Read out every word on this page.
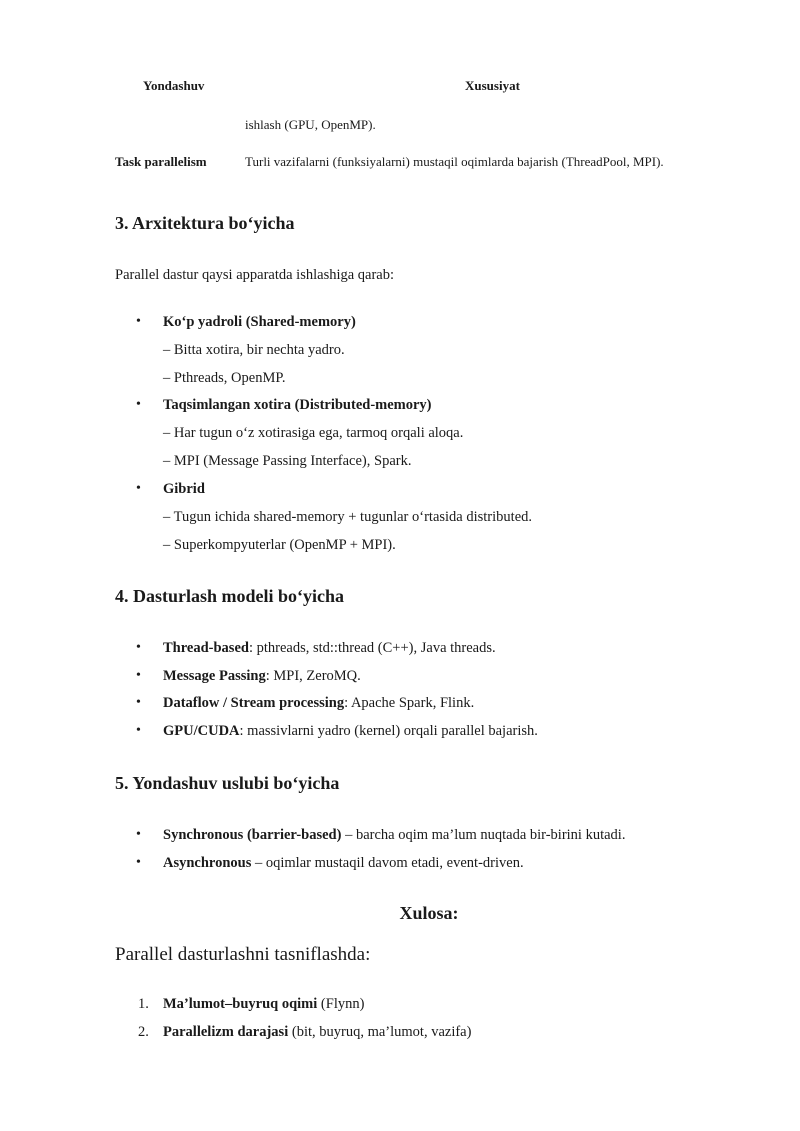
Yondashuv	Xususiyat
ishlash (GPU, OpenMP).
Task parallelism	Turli vazifalarni (funksiyalarni) mustaqil oqimlarda bajarish (ThreadPool, MPI).
3. Arxitektura bo‘yicha

Parallel dastur qaysi apparatda ishlashiga qarab:

• Ko‘p yadroli (Shared-memory)
– Bitta xotira, bir nechta yadro.
– Pthreads, OpenMP.
• Taqsimlangan xotira (Distributed-memory)
– Har tugun o‘z xotirasiga ega, tarmoq orqali aloqa.
– MPI (Message Passing Interface), Spark.
• Gibrid
– Tugun ichida shared-memory + tugunlar o‘rtasida distributed.
– Superkompyuterlar (OpenMP + MPI).
4. Dasturlash modeli bo‘yicha
• Thread-based: pthreads, std::thread (C++), Java threads.
• Message Passing: MPI, ZeroMQ.
• Dataflow / Stream processing: Apache Spark, Flink.
• GPU/CUDA: massivlarni yadro (kernel) orqali parallel bajarish.
5. Yondashuv uslubi bo‘yicha
• Synchronous (barrier-based) – barcha oqim ma’lum nuqtada bir-birini kutadi.
• Asynchronous – oqimlar mustaqil davom etadi, event-driven.
Xulosa:

Parallel dasturlashni tasniflashda:

1. Ma’lumot–buyruq oqimi (Flynn)
2. Parallelizm darajasi (bit, buyruq, ma’lumot, vazifa)
